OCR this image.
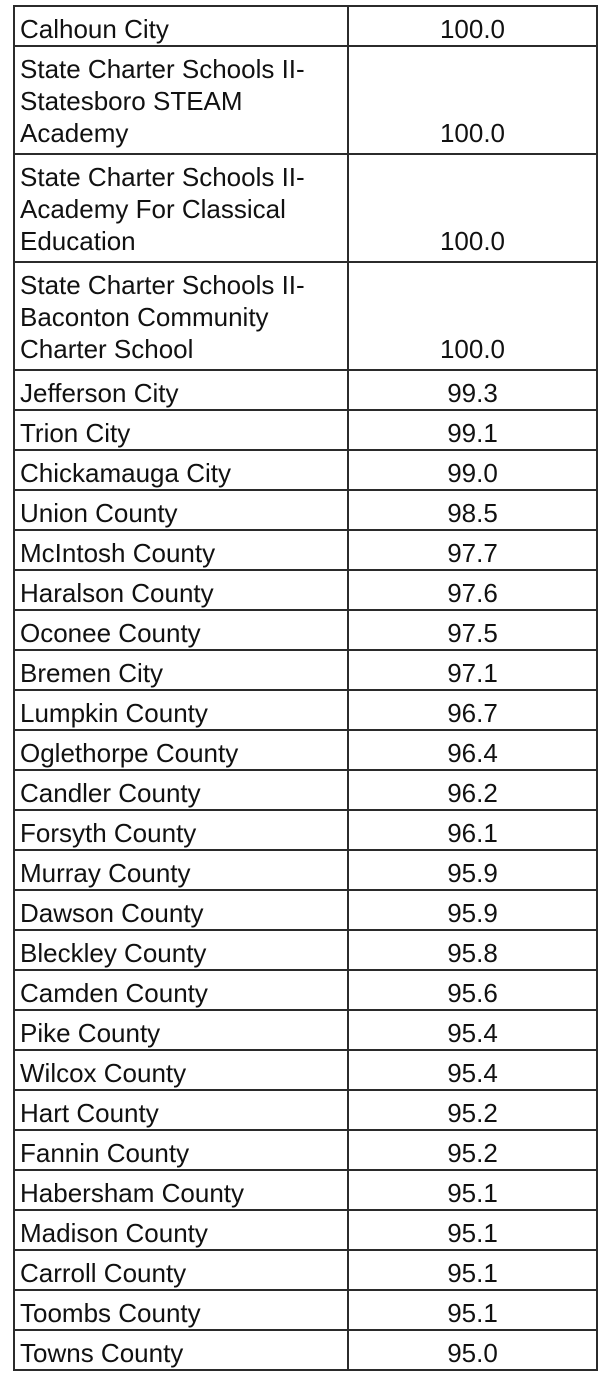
Calhoun City	100.0
State Charter Schools II-
Statesboro STEAM
Academy	100.0
State Charter Schools II-
Academy For Classical
Education	100.0
State Charter Schools II-
Baconton Community
Charter School	100.0
Jefferson City	99.3
Trion City	99.1
Chickamauga City	99.0
Union County	98.5
McIntosh County	97.7
Haralson County	97.6
Oconee County	97.5
Bremen City	97.1
Lumpkin County	96.7
Oglethorpe County	96.4
Candler County	96.2
Forsyth County	96.1
Murray County	95.9
Dawson County	95.9
Bleckley County	95.8
Camden County	95.6
Pike County	95.4
Wilcox County	95.4
Hart County	95.2
Fannin County	95.2
Habersham County	95.1
Madison County	95.1
Carroll County	95.1
Toombs County	95.1
Towns County	95.0
